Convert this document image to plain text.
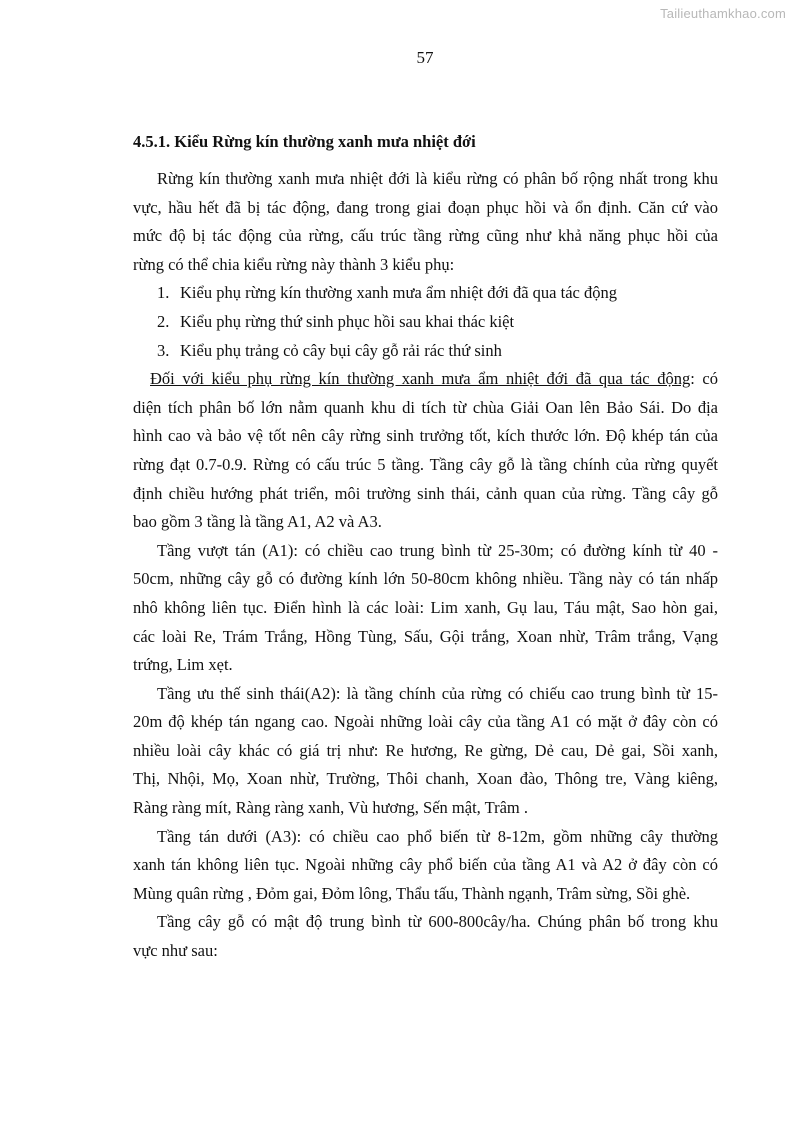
Tailieuthamkhao.com
57
4.5.1. Kiểu Rừng kín thường xanh mưa nhiệt đới
Rừng kín thường xanh mưa nhiệt đới là kiểu rừng có phân bố rộng nhất trong khu
vực, hầu hết đã bị tác động, đang trong giai đoạn phục hồi và ổn định. Căn cứ vào
mức độ bị tác động của rừng, cấu trúc tầng rừng cũng như khả năng phục hồi của
rừng có thể chia kiểu rừng này thành 3 kiểu phụ:
1. Kiểu phụ rừng kín thường xanh mưa ẩm nhiệt đới đã qua tác động
2. Kiểu phụ rừng thứ sinh phục hồi sau khai thác kiệt
3. Kiểu phụ trảng cỏ cây bụi cây gỗ rải rác thứ sinh
Đối với kiểu phụ rừng kín thường xanh mưa ẩm nhiệt đới đã qua tác động: có
diện tích phân bố lớn nằm quanh khu di tích từ chùa Giải Oan lên Bảo Sái. Do địa
hình cao và bảo vệ tốt nên cây rừng sinh trưởng tốt, kích thước lớn. Độ khép tán của
rừng đạt 0.7-0.9. Rừng có cấu trúc 5 tầng. Tầng cây gỗ là tầng chính của rừng quyết
định chiều hướng phát triển, môi trường sinh thái, cảnh quan của rừng. Tầng cây gỗ
bao gồm 3 tầng là tầng A1, A2 và A3.
Tầng vượt tán (A1): có chiều cao trung bình từ 25-30m; có đường kính từ 40 -
50cm, những cây gỗ có đường kính lớn 50-80cm không nhiều. Tầng này có tán nhấp
nhô không liên tục. Điển hình là các loài: Lim xanh, Gụ lau, Táu mật, Sao hòn gai,
các loài Re, Trám Trắng, Hồng Tùng, Sấu, Gội trắng, Xoan nhừ, Trâm trắng, Vạng
trứng, Lim xẹt.
Tầng ưu thế sinh thái(A2): là tầng chính của rừng có chiếu cao trung bình từ 15-
20m độ khép tán ngang cao. Ngoài những loài cây của tầng A1 có mặt ở đây còn có
nhiều loài cây khác có giá trị như: Re hương, Re gừng, Dẻ cau, Dẻ gai, Sồi xanh,
Thị, Nhội, Mọ, Xoan nhừ, Trường, Thôi chanh, Xoan đào, Thông tre, Vàng kiêng,
Ràng ràng mít, Ràng ràng xanh, Vù hương, Sến mật, Trâm .
Tầng tán dưới (A3): có chiều cao phổ biến từ 8-12m, gồm những cây thường
xanh tán không liên tục. Ngoài những cây phổ biến của tầng A1 và A2 ở đây còn có
Mùng quân rừng , Đỏm gai, Đỏm lông, Thẩu tấu, Thành ngạnh, Trâm sừng, Sồi ghè.
Tầng cây gỗ có mật độ trung bình từ 600-800cây/ha. Chúng phân bố trong khu
vực như sau:
